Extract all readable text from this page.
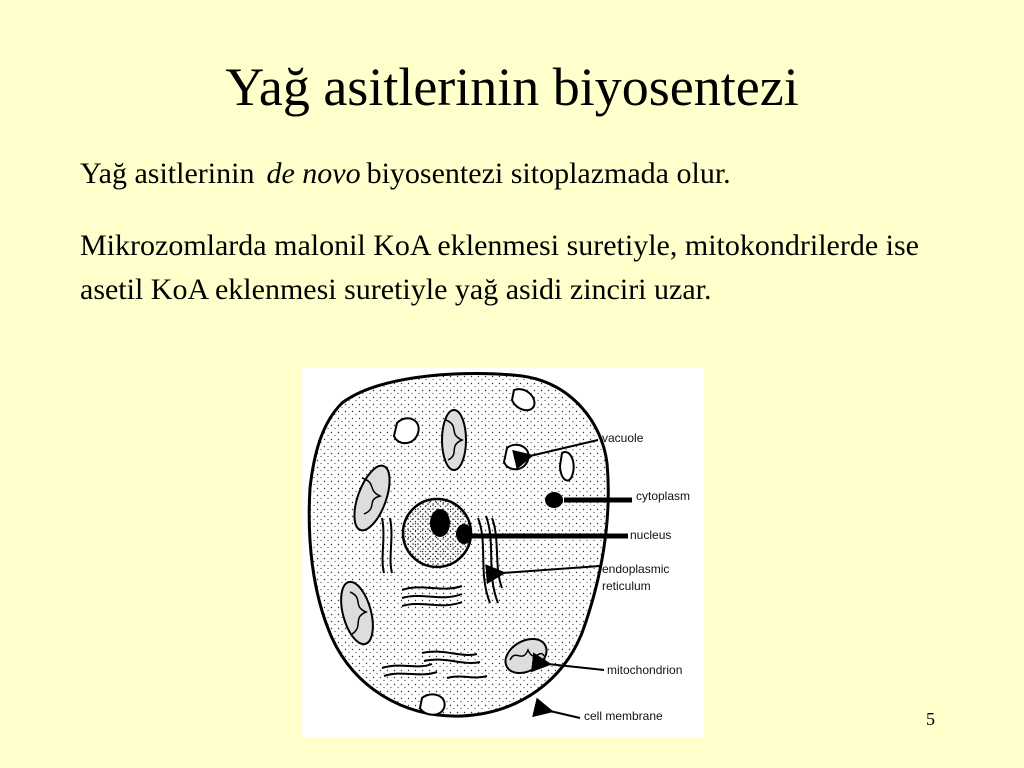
Yağ asitlerinin biyosentezi

Yağ asitlerinin de novo biyosentezi sitoplazmada olur.

Mikrozomlarda malonil KoA eklenmesi suretiyle, mitokondrilerde ise asetil KoA eklenmesi suretiyle yağ asidi zinciri uzar.

vacuole
cytoplasm
nucleus
endoplasmic
reticulum
mitochondrion
cell membrane	5
